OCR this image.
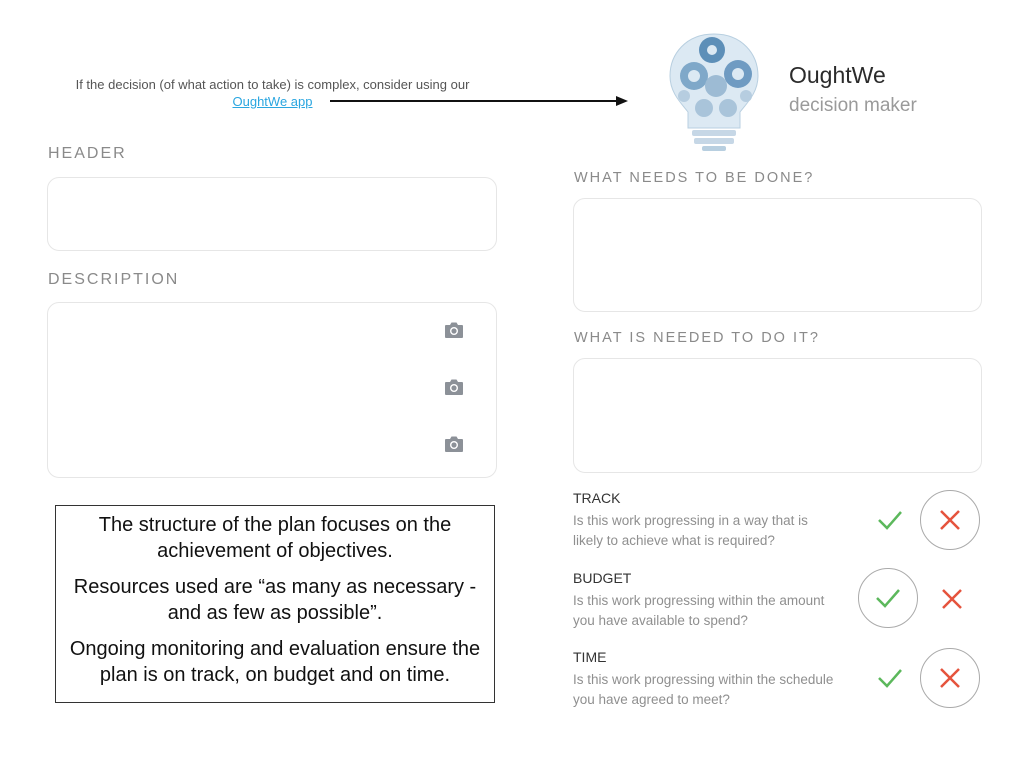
If the decision (of what action to take) is complex, consider using our
OughtWe app
OughtWe
decision maker
HEADER
DESCRIPTION

The structure of the plan focuses on the achievement of objectives.

Resources used are “as many as necessary - and as few as possible”.

Ongoing monitoring and evaluation ensure the plan is on track, on budget and on time.

WHAT NEEDS TO BE DONE?
WHAT IS NEEDED TO DO IT?
TRACK
Is this work progressing in a way that is likely to achieve what is required?
BUDGET
Is this work progressing within the amount you have available to spend?
TIME
Is this work progressing within the schedule you have agreed to meet?
